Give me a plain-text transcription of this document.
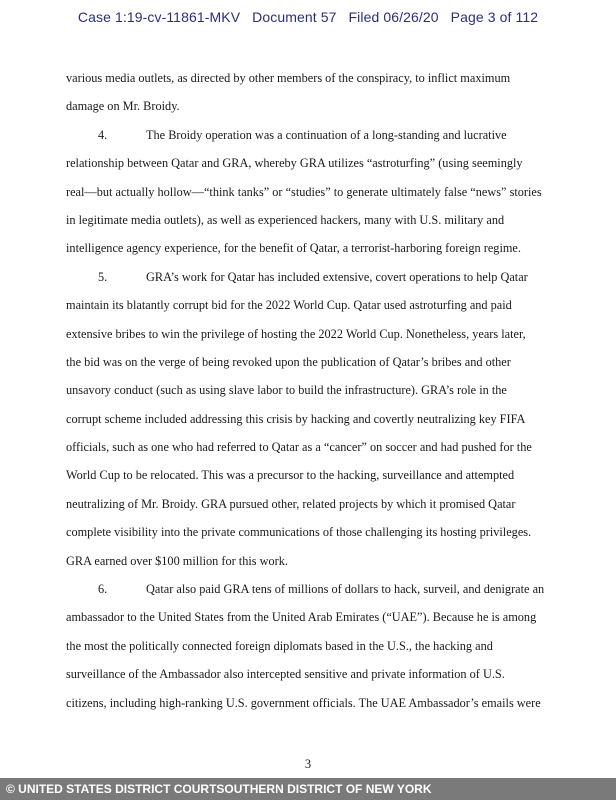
Case 1:19-cv-11861-MKV Document 57 Filed 06/26/20 Page 3 of 112
various media outlets, as directed by other members of the conspiracy, to inflict maximum
damage on Mr. Broidy.
4.	The Broidy operation was a continuation of a long-standing and lucrative
relationship between Qatar and GRA, whereby GRA utilizes “astroturfing” (using seemingly
real—but actually hollow—“think tanks” or “studies” to generate ultimately false “news” stories
in legitimate media outlets), as well as experienced hackers, many with U.S. military and
intelligence agency experience, for the benefit of Qatar, a terrorist-harboring foreign regime.
5.	GRA’s work for Qatar has included extensive, covert operations to help Qatar
maintain its blatantly corrupt bid for the 2022 World Cup. Qatar used astroturfing and paid
extensive bribes to win the privilege of hosting the 2022 World Cup. Nonetheless, years later,
the bid was on the verge of being revoked upon the publication of Qatar’s bribes and other
unsavory conduct (such as using slave labor to build the infrastructure). GRA’s role in the
corrupt scheme included addressing this crisis by hacking and covertly neutralizing key FIFA
officials, such as one who had referred to Qatar as a “cancer” on soccer and had pushed for the
World Cup to be relocated. This was a precursor to the hacking, surveillance and attempted
neutralizing of Mr. Broidy. GRA pursued other, related projects by which it promised Qatar
complete visibility into the private communications of those challenging its hosting privileges.
GRA earned over $100 million for this work.
6.	Qatar also paid GRA tens of millions of dollars to hack, surveil, and denigrate an
ambassador to the United States from the United Arab Emirates (“UAE”). Because he is among
the most the politically connected foreign diplomats based in the U.S., the hacking and
surveillance of the Ambassador also intercepted sensitive and private information of U.S.
citizens, including high-ranking U.S. government officials. The UAE Ambassador’s emails were
3
© UNITED STATES DISTRICT COURTSOUTHERN DISTRICT OF NEW YORK
